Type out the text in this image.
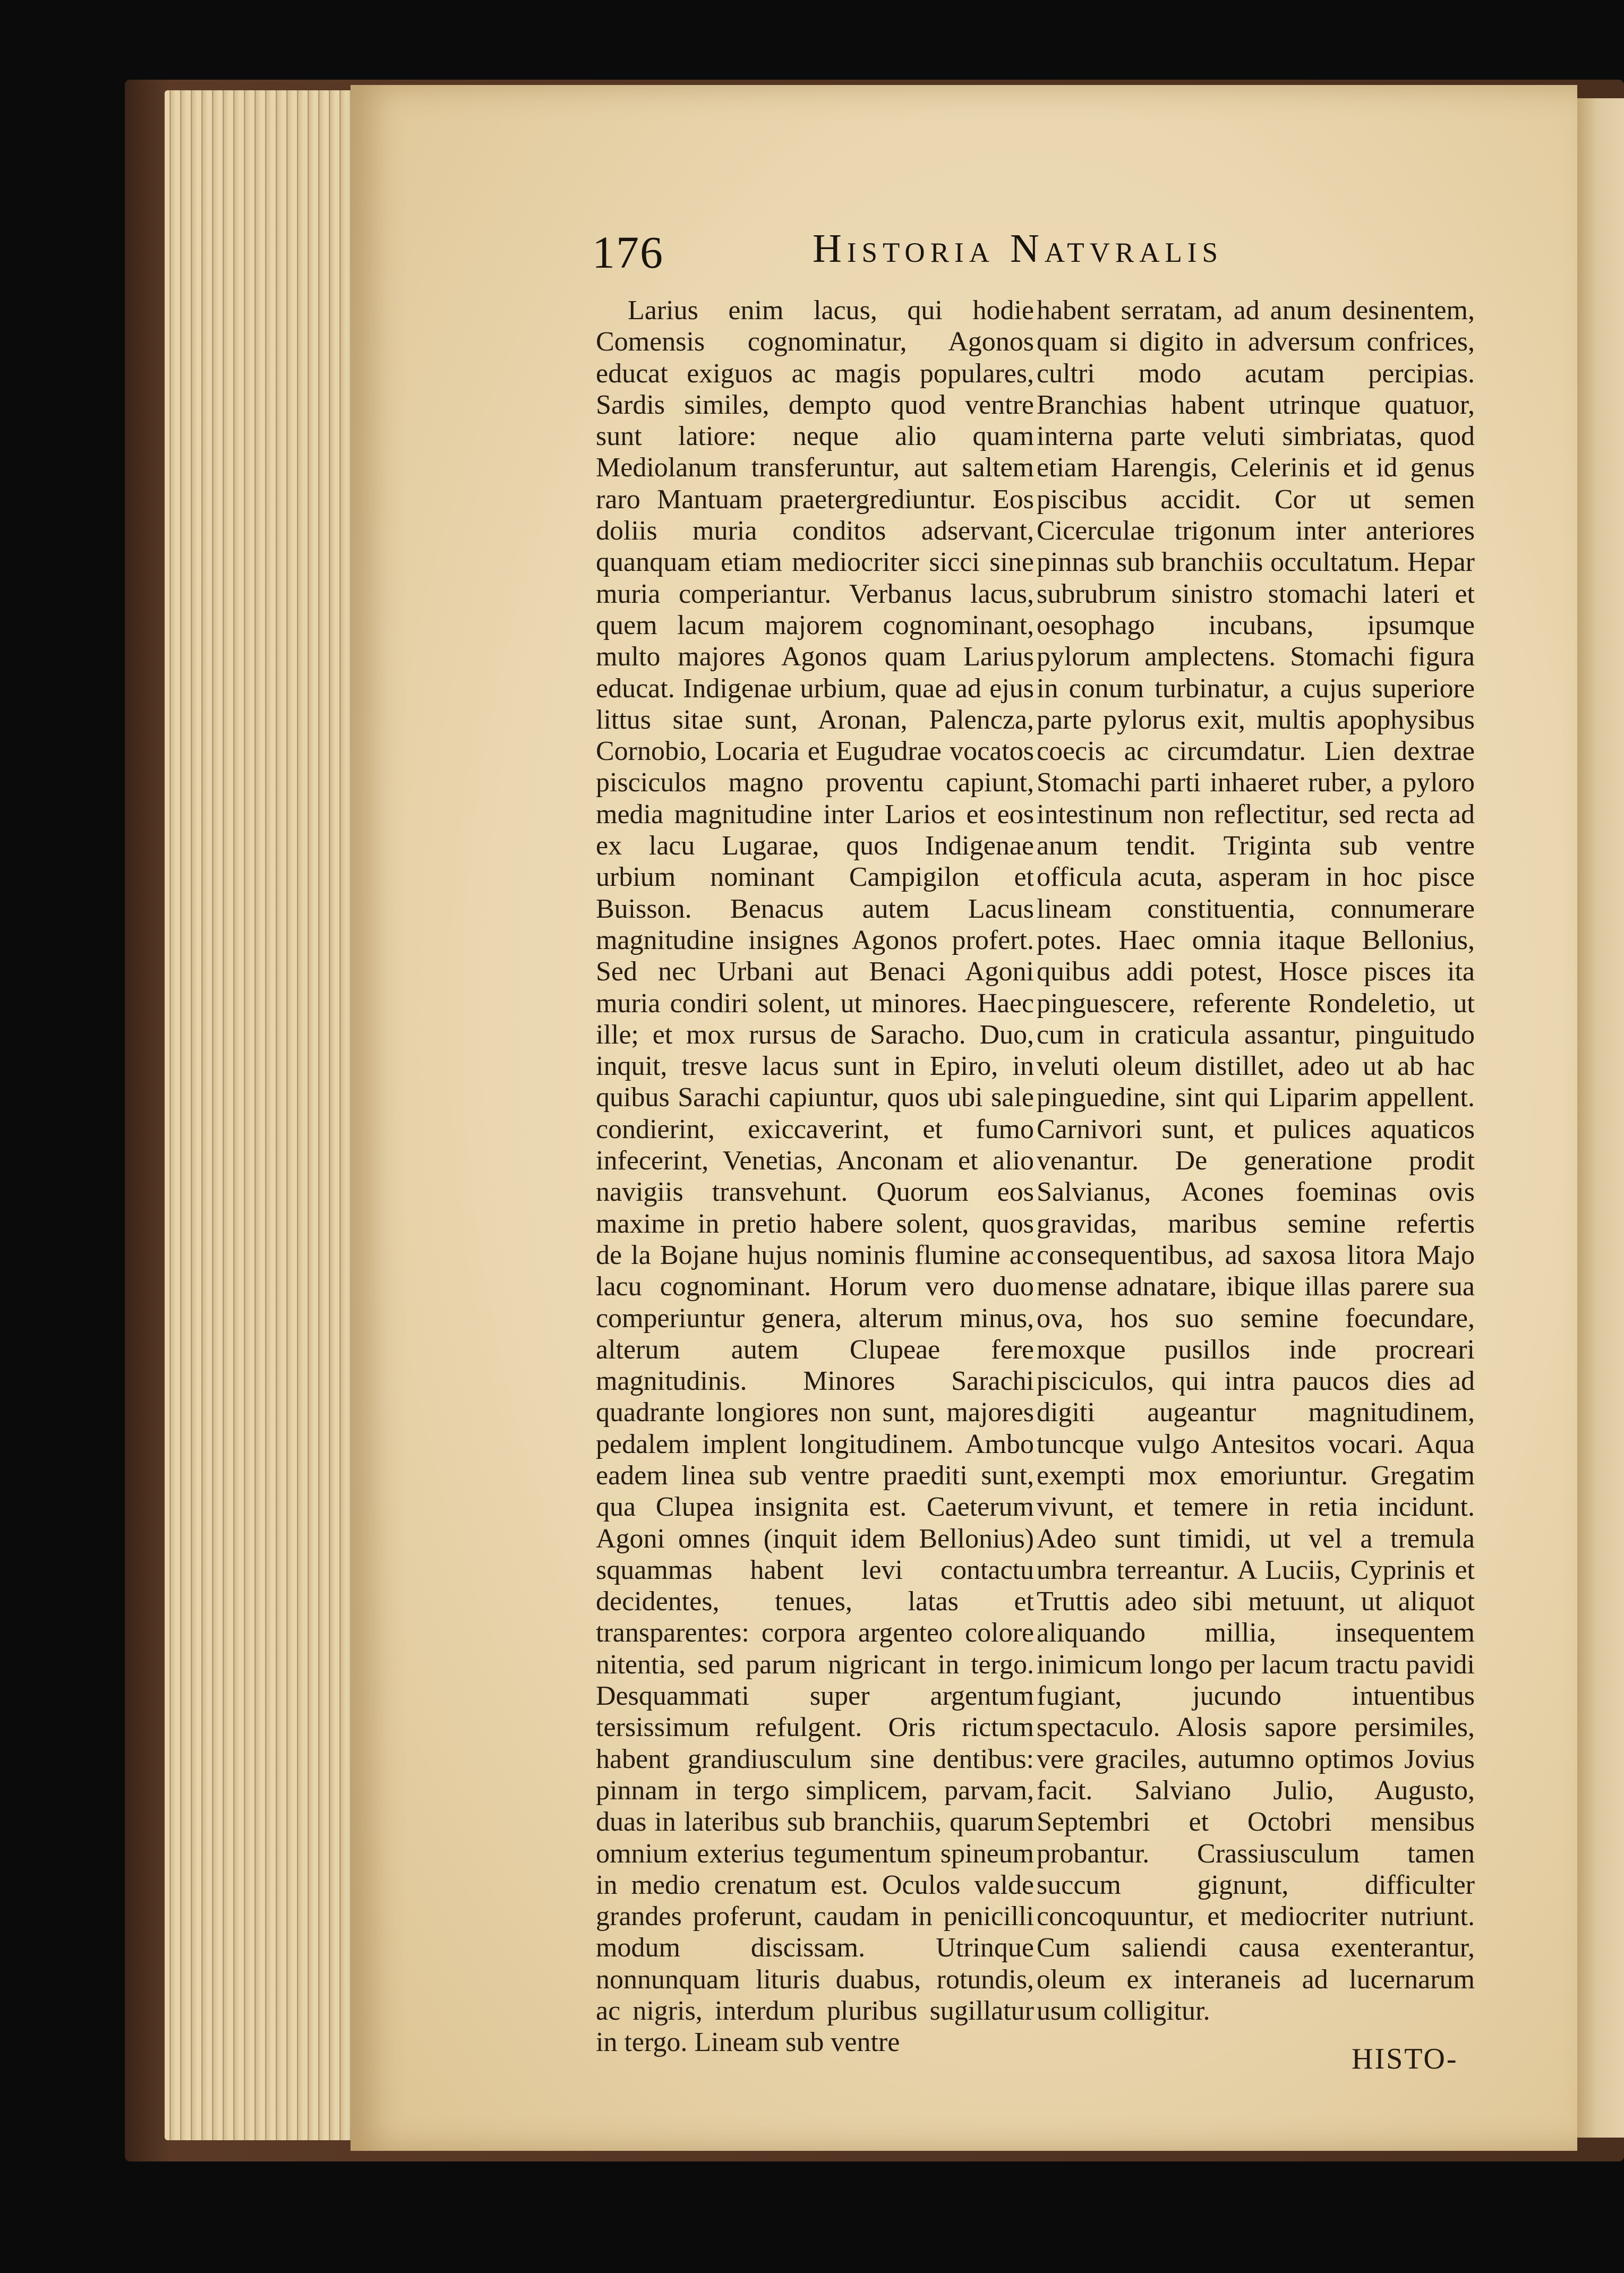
176	Historia Natvralis

Larius enim lacus, qui hodie Comensis cognominatur, Agonos educat exiguos ac magis populares, Sardis similes, dempto quod ventre sunt latiore: neque alio quam Mediolanum transferuntur, aut saltem raro Mantuam praetergrediuntur. Eos doliis muria conditos adservant, quanquam etiam mediocriter sicci sine muria comperiantur. Verbanus lacus, quem lacum majorem cognominant, multo majores Agonos quam Larius educat. Indigenae urbium, quae ad ejus littus sitae sunt, Aronan, Palencza, Cornobio, Locaria et Eugudrae vocatos pisciculos magno proventu capiunt, media magnitudine inter Larios et eos ex lacu Lugarae, quos Indigenae urbium nominant Campigilon et Buisson. Benacus autem Lacus magnitudine insignes Agonos profert. Sed nec Urbani aut Benaci Agoni muria condiri solent, ut minores. Haec ille; et mox rursus de Saracho. Duo, inquit, tresve lacus sunt in Epiro, in quibus Sarachi capiuntur, quos ubi sale condierint, exiccaverint, et fumo infecerint, Venetias, Anconam et alio navigiis transvehunt. Quorum eos maxime in pretio habere solent, quos de la Bojane hujus nominis flumine ac lacu cognominant. Horum vero duo comperiuntur genera, alterum minus, alterum autem Clupeae fere magnitudinis. Minores Sarachi quadrante longiores non sunt, majores pedalem implent longitudinem. Ambo eadem linea sub ventre praediti sunt, qua Clupea insignita est. Caeterum Agoni omnes (inquit idem Bellonius) squammas habent levi contactu decidentes, tenues, latas et transparentes: corpora argenteo colore nitentia, sed parum nigricant in tergo. Desquammati super argentum tersissimum refulgent. Oris rictum habent grandiusculum sine dentibus: pinnam in tergo simplicem, parvam, duas in lateribus sub branchiis, quarum omnium exterius tegumentum spineum in medio crenatum est. Oculos valde grandes proferunt, caudam in penicilli modum discissam. Utrinque nonnunquam lituris duabus, rotundis, ac nigris, interdum pluribus sugillatur in tergo. Lineam sub ventre

habent serratam, ad anum desinentem, quam si digito in adversum confrices, cultri modo acutam percipias. Branchias habent utrinque quatuor, interna parte veluti simbriatas, quod etiam Harengis, Celerinis et id genus piscibus accidit. Cor ut semen Cicerculae trigonum inter anteriores pinnas sub branchiis occultatum. Hepar subrubrum sinistro stomachi lateri et oesophago incubans, ipsumque pylorum amplectens. Stomachi figura in conum turbinatur, a cujus superiore parte pylorus exit, multis apophysibus coecis ac circumdatur. Lien dextrae Stomachi parti inhaeret ruber, a pyloro intestinum non reflectitur, sed recta ad anum tendit. Triginta sub ventre officula acuta, asperam in hoc pisce lineam constituentia, connumerare potes. Haec omnia itaque Bellonius, quibus addi potest, Hosce pisces ita pinguescere, referente Rondeletio, ut cum in craticula assantur, pinguitudo veluti oleum distillet, adeo ut ab hac pinguedine, sint qui Liparim appellent. Carnivori sunt, et pulices aquaticos venantur. De generatione prodit Salvianus, Acones foeminas ovis gravidas, maribus semine refertis consequentibus, ad saxosa litora Majo mense adnatare, ibique illas parere sua ova, hos suo semine foecundare, moxque pusillos inde procreari pisciculos, qui intra paucos dies ad digiti augeantur magnitudinem, tuncque vulgo Antesitos vocari. Aqua exempti mox emoriuntur. Gregatim vivunt, et temere in retia incidunt. Adeo sunt timidi, ut vel a tremula umbra terreantur. A Luciis, Cyprinis et Truttis adeo sibi metuunt, ut aliquot aliquando millia, insequentem inimicum longo per lacum tractu pavidi fugiant, jucundo intuentibus spectaculo. Alosis sapore persimiles, vere graciles, autumno optimos Jovius facit. Salviano Julio, Augusto, Septembri et Octobri mensibus probantur. Crassiusculum tamen succum gignunt, difficulter concoquuntur, et mediocriter nutriunt. Cum saliendi causa exenterantur, oleum ex interaneis ad lucernarum usum colligitur.

HISTO-
